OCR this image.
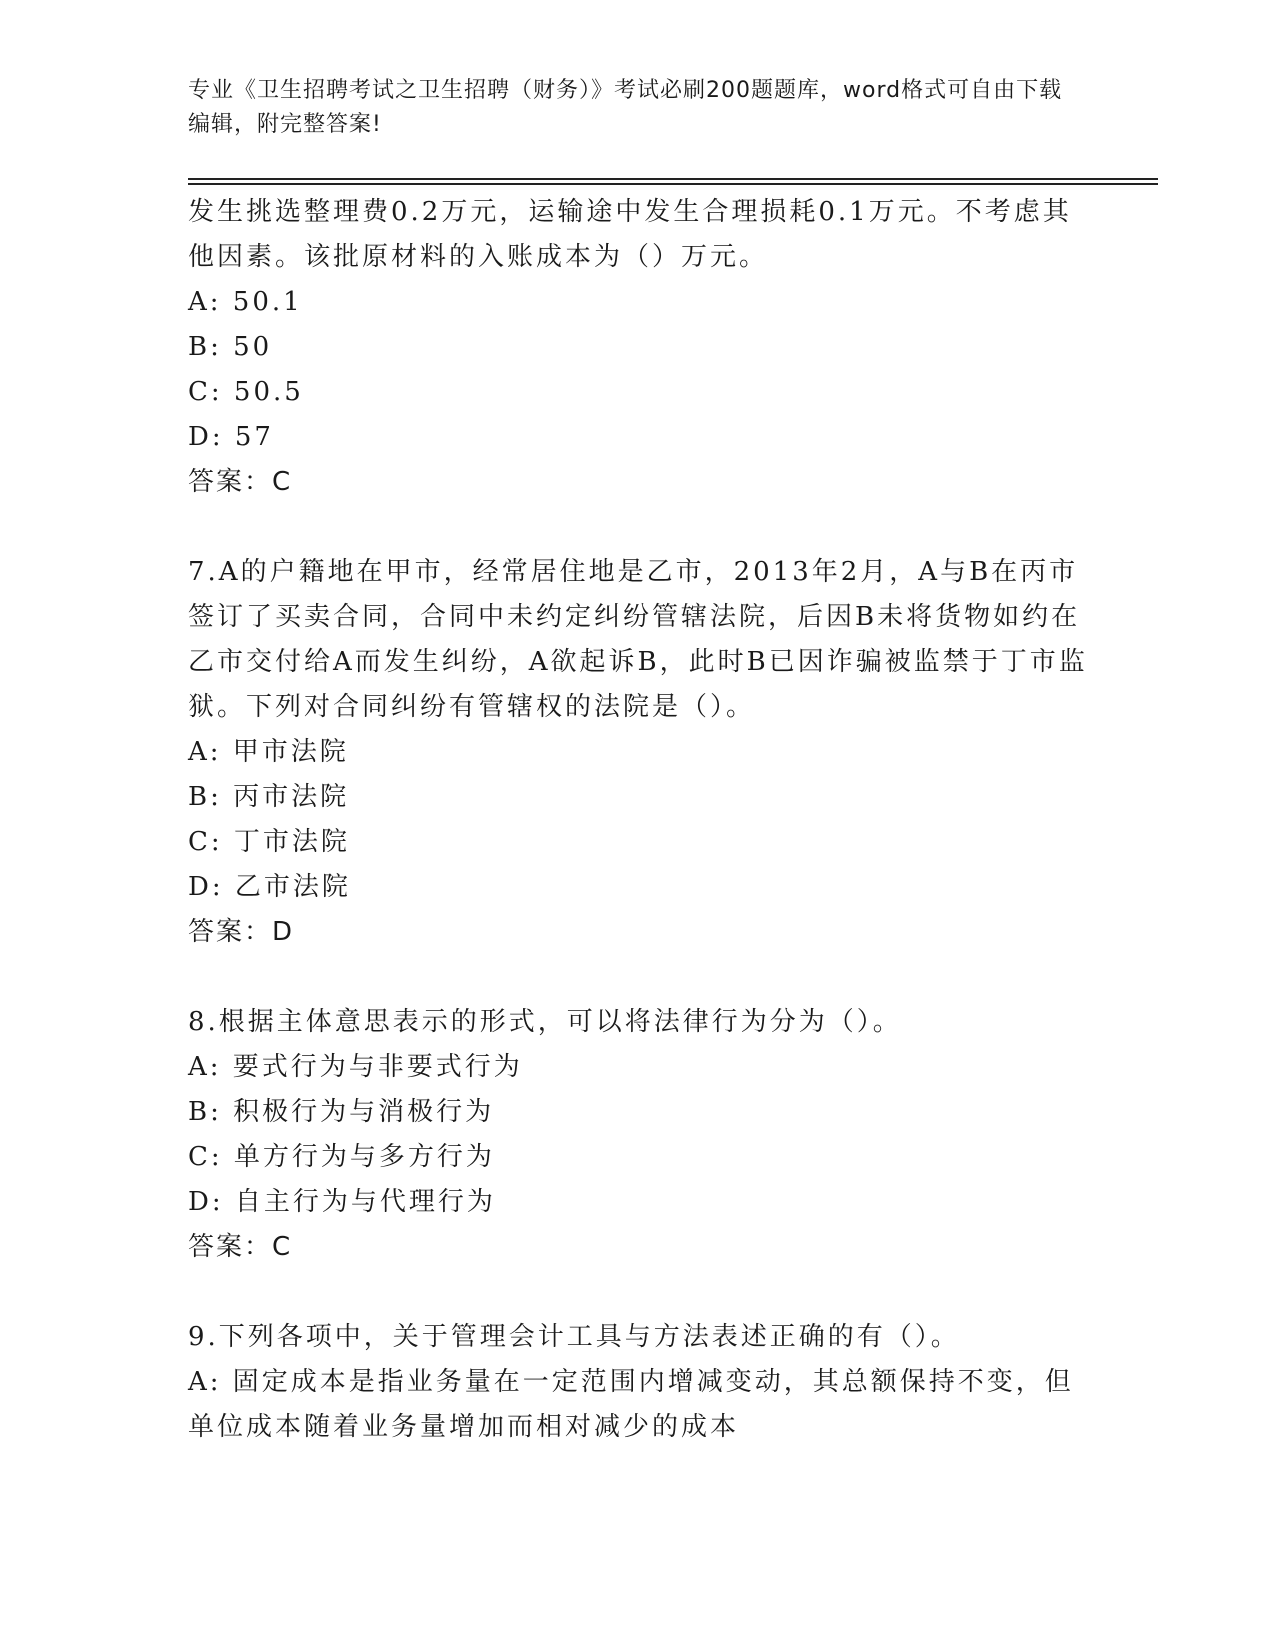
专业《卫生招聘考试之卫生招聘（财务）》考试必刷200题题库，word格式可自由下载编辑，附完整答案!

发生挑选整理费0.2万元，运输途中发生合理损耗0.1万元。不考虑其他因素。该批原材料的入账成本为（）万元。

A: 50.1

B: 50

C: 50.5

D: 57

答案：C

7.A的户籍地在甲市，经常居住地是乙市，2013年2月，A与B在丙市签订了买卖合同，合同中未约定纠纷管辖法院，后因B未将货物如约在乙市交付给A而发生纠纷，A欲起诉B，此时B已因诈骗被监禁于丁市监狱。下列对合同纠纷有管辖权的法院是（）。

A: 甲市法院

B: 丙市法院

C: 丁市法院

D: 乙市法院

答案：D

8.根据主体意思表示的形式，可以将法律行为分为（）。

A: 要式行为与非要式行为

B: 积极行为与消极行为

C: 单方行为与多方行为

D: 自主行为与代理行为

答案：C

9.下列各项中，关于管理会计工具与方法表述正确的有（）。

A: 固定成本是指业务量在一定范围内增减变动，其总额保持不变，但单位成本随着业务量增加而相对减少的成本
